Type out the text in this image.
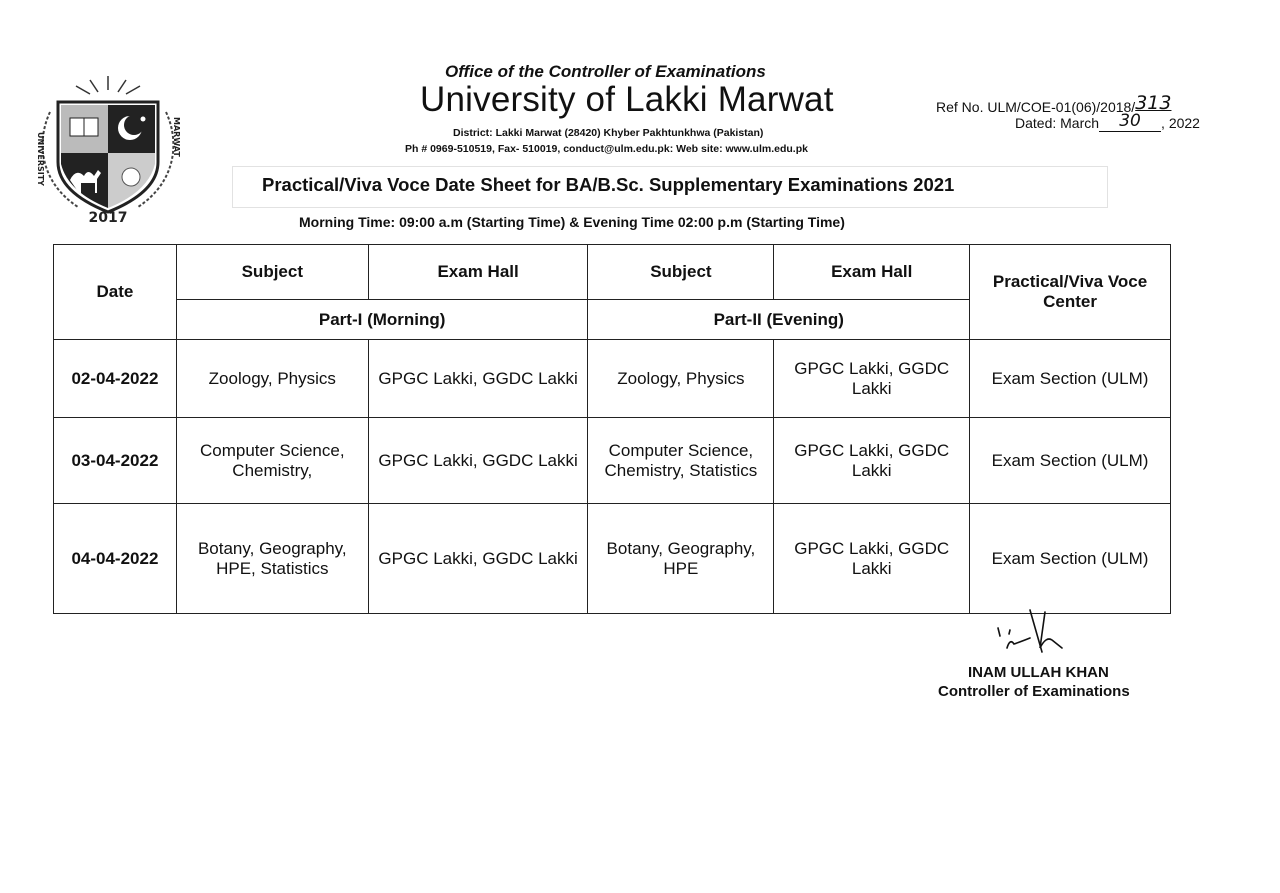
2017
UNIVERSITY	MARWAT
Office of the Controller of Examinations
University of Lakki Marwat
District: Lakki Marwat (28420) Khyber Pakhtunkhwa (Pakistan)
Ph # 0969-510519, Fax- 510019, conduct@ulm.edu.pk: Web site: www.ulm.edu.pk
Ref No. ULM/COE-01(06)/2018/313
Dated: March 30 , 2022
Practical/Viva Voce Date Sheet for BA/B.Sc. Supplementary Examinations 2021
Morning Time: 09:00 a.m (Starting Time) & Evening Time 02:00 p.m (Starting Time)
Date	Subject	Exam Hall	Subject	Exam Hall	Practical/Viva Voce Center
	Part-I (Morning)		Part-II (Evening)		
02-04-2022	Zoology, Physics	GPGC Lakki, GGDC Lakki	Zoology, Physics	GPGC Lakki, GGDC Lakki	Exam Section (ULM)
03-04-2022	Computer Science, Chemistry,	GPGC Lakki, GGDC Lakki	Computer Science, Chemistry, Statistics	GPGC Lakki, GGDC Lakki	Exam Section (ULM)
04-04-2022	Botany, Geography, HPE, Statistics	GPGC Lakki, GGDC Lakki	Botany, Geography, HPE	GPGC Lakki, GGDC Lakki	Exam Section (ULM)
INAM ULLAH KHAN
Controller of Examinations
